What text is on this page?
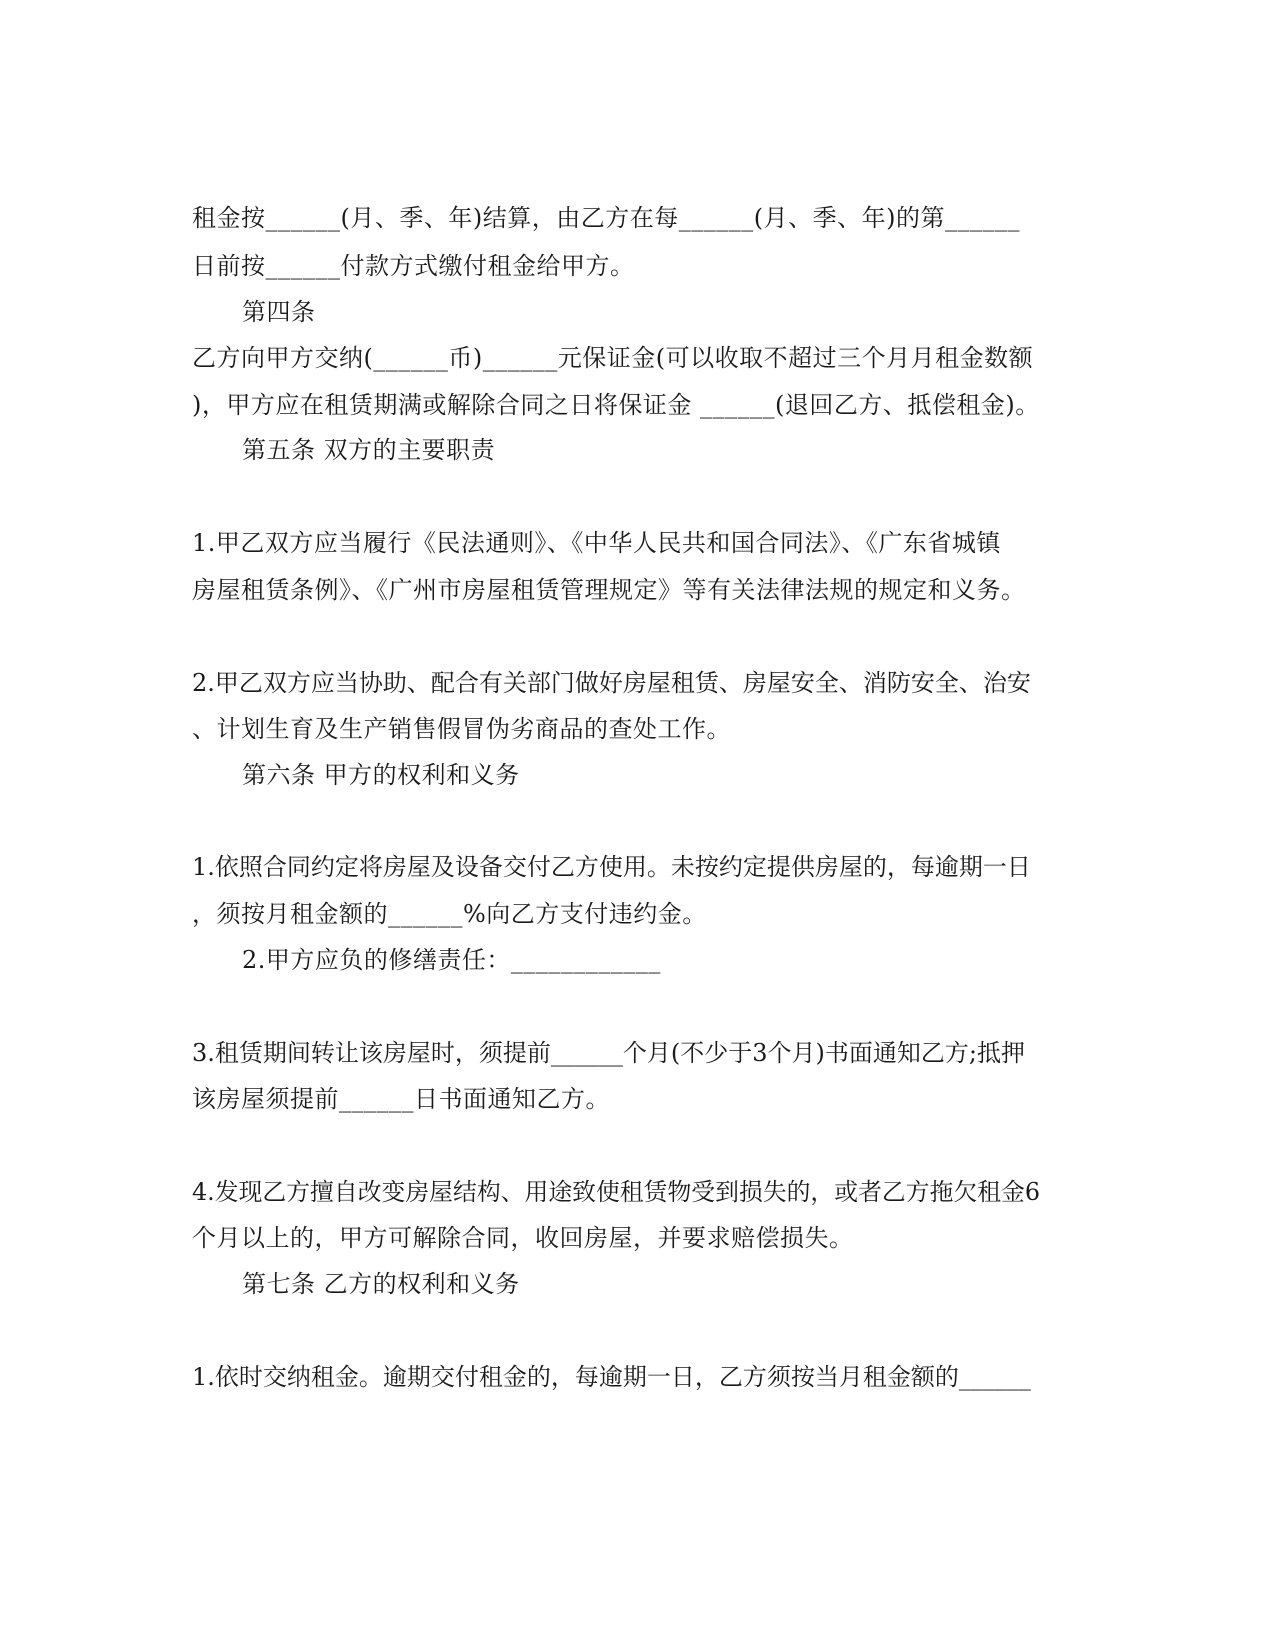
租金按______(月、季、年)结算，由乙方在每______(月、季、年)的第______
日前按______付款方式缴付租金给甲方。
第四条
乙方向甲方交纳(______币)______元保证金(可以收取不超过三个月月租金数额
)，甲方应在租赁期满或解除合同之日将保证金 ______(退回乙方、抵偿租金)。
第五条 双方的主要职责
1.甲乙双方应当履行《民法通则》、《中华人民共和国合同法》、《广东省城镇
房屋租赁条例》、《广州市房屋租赁管理规定》等有关法律法规的规定和义务。
2.甲乙双方应当协助、配合有关部门做好房屋租赁、房屋安全、消防安全、治安
、计划生育及生产销售假冒伪劣商品的查处工作。
第六条 甲方的权利和义务
1.依照合同约定将房屋及设备交付乙方使用。未按约定提供房屋的，每逾期一日
，须按月租金额的______%向乙方支付违约金。
2.甲方应负的修缮责任：____________
3.租赁期间转让该房屋时，须提前______个月(不少于3个月)书面通知乙方;抵押
该房屋须提前______日书面通知乙方。
4.发现乙方擅自改变房屋结构、用途致使租赁物受到损失的，或者乙方拖欠租金6
个月以上的，甲方可解除合同，收回房屋，并要求赔偿损失。
第七条 乙方的权利和义务
1.依时交纳租金。逾期交付租金的，每逾期一日，乙方须按当月租金额的______
